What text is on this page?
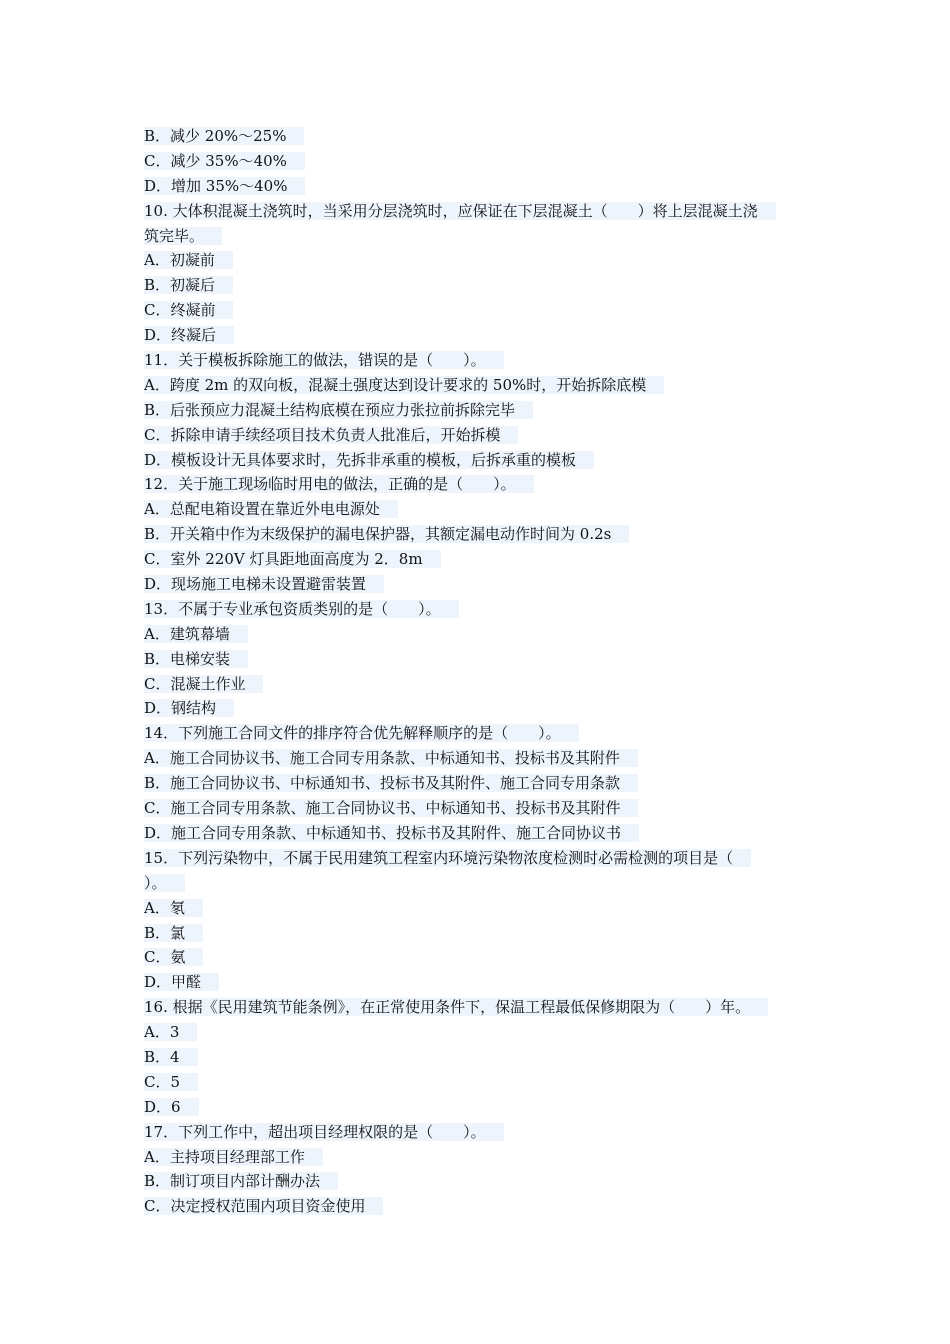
B．减少 20%～25%
C．减少 35%～40%
D．增加 35%～40%
10. 大体积混凝土浇筑时，当采用分层浇筑时，应保证在下层混凝土（　　）将上层混凝土浇
筑完毕。
A．初凝前
B．初凝后
C．终凝前
D．终凝后
11．关于模板拆除施工的做法，错误的是（　　）。
A．跨度 2m 的双向板，混凝土强度达到设计要求的 50%时，开始拆除底模
B．后张预应力混凝土结构底模在预应力张拉前拆除完毕
C．拆除申请手续经项目技术负责人批准后，开始拆模
D．模板设计无具体要求时，先拆非承重的模板，后拆承重的模板
12．关于施工现场临时用电的做法，正确的是（　　）。
A．总配电箱设置在靠近外电电源处
B．开关箱中作为末级保护的漏电保护器，其额定漏电动作时间为 0.2s
C．室外 220V 灯具距地面高度为 2．8m
D．现场施工电梯未设置避雷装置
13．不属于专业承包资质类别的是（　　）。
A．建筑幕墙
B．电梯安装
C．混凝土作业
D．钢结构
14．下列施工合同文件的排序符合优先解释顺序的是（　　）。
A．施工合同协议书、施工合同专用条款、中标通知书、投标书及其附件
B．施工合同协议书、中标通知书、投标书及其附件、施工合同专用条款
C．施工合同专用条款、施工合同协议书、中标通知书、投标书及其附件
D．施工合同专用条款、中标通知书、投标书及其附件、施工合同协议书
15．下列污染物中，不属于民用建筑工程室内环境污染物浓度检测时必需检测的项目是（
）。
A．氡
B．氯
C．氨
D．甲醛
16. 根据《民用建筑节能条例》，在正常使用条件下，保温工程最低保修期限为（　　）年。
A．3
B．4
C．5
D．6
17．下列工作中，超出项目经理权限的是（　　）。
A．主持项目经理部工作
B．制订项目内部计酬办法
C．决定授权范围内项目资金使用
